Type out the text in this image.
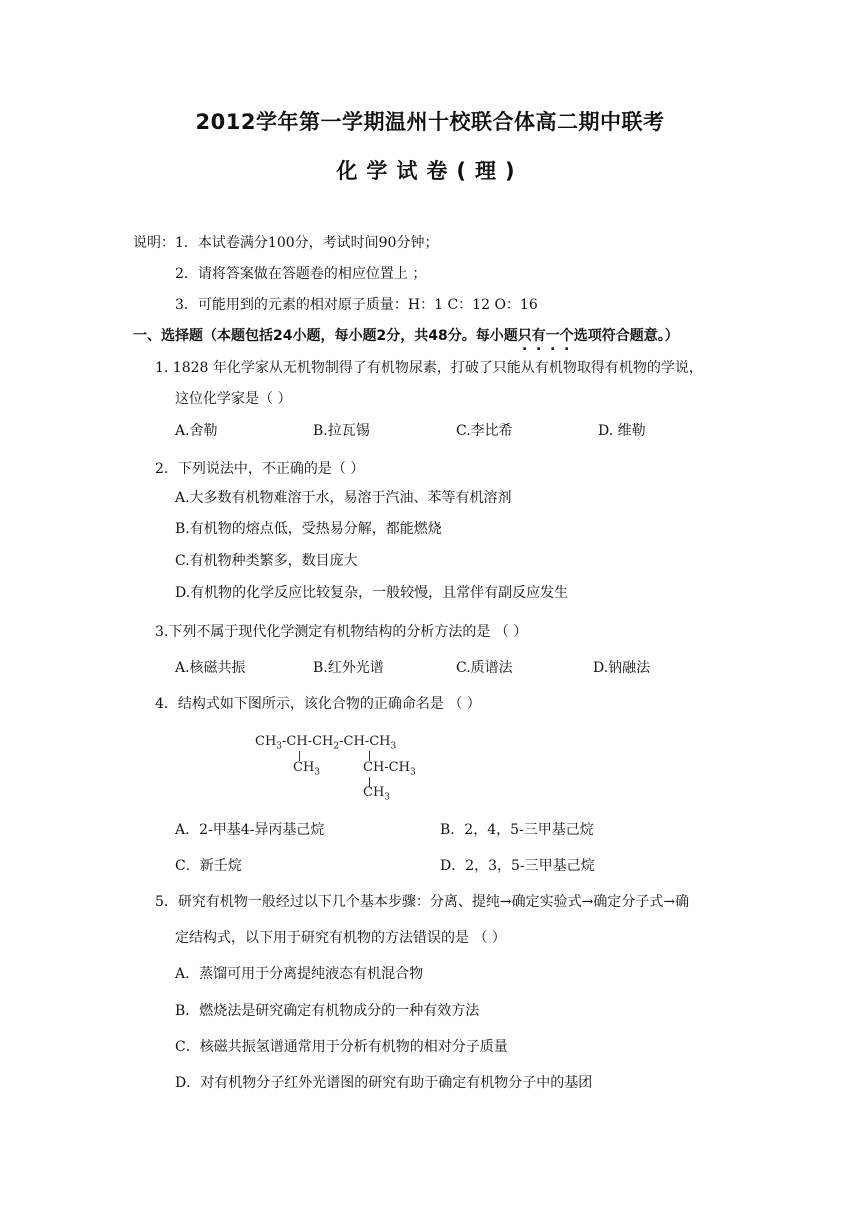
2012学年第一学期温州十校联合体高二期中联考
化学试卷(理)
说明：1．本试卷满分100分，考试时间90分钟；
2．请将答案做在答题卷的相应位置上 ；
3．可能用到的元素的相对原子质量：H：1 C：12 O：16
一、选择题（本题包括24小题，每小题2分，共48分。每小题只有一个选项符合题意。）
1. 1828 年化学家从无机物制得了有机物尿素，打破了只能从有机物取得有机物的学说，
这位化学家是（ ）
A.舍勒	B.拉瓦锡	C.李比希	D. 维勒
2．下列说法中，不正确的是（ ）
A.大多数有机物难溶于水，易溶于汽油、苯等有机溶剂
B.有机物的熔点低，受热易分解，都能燃烧
C.有机物种类繁多，数目庞大
D.有机物的化学反应比较复杂，一般较慢，且常伴有副反应发生
3.下列不属于现代化学测定有机物结构的分析方法的是 （ ）
A.核磁共振	B.红外光谱	C.质谱法	D.钠融法
4．结构式如下图所示，该化合物的正确命名是 （ ）
$CH_3-CH-CH_2-CH-CH_3$
$CH_3$	$CH-CH_3$
$CH_3$
A．2-甲基4-异丙基己烷	B．2，4，5-三甲基己烷
C．新壬烷	D．2，3，5-三甲基己烷
5．研究有机物一般经过以下几个基本步骤：分离、提纯→确定实验式→确定分子式→确
定结构式，以下用于研究有机物的方法错误的是 （ ）
A．蒸馏可用于分离提纯液态有机混合物
B．燃烧法是研究确定有机物成分的一种有效方法
C．核磁共振氢谱通常用于分析有机物的相对分子质量
D．对有机物分子红外光谱图的研究有助于确定有机物分子中的基团
